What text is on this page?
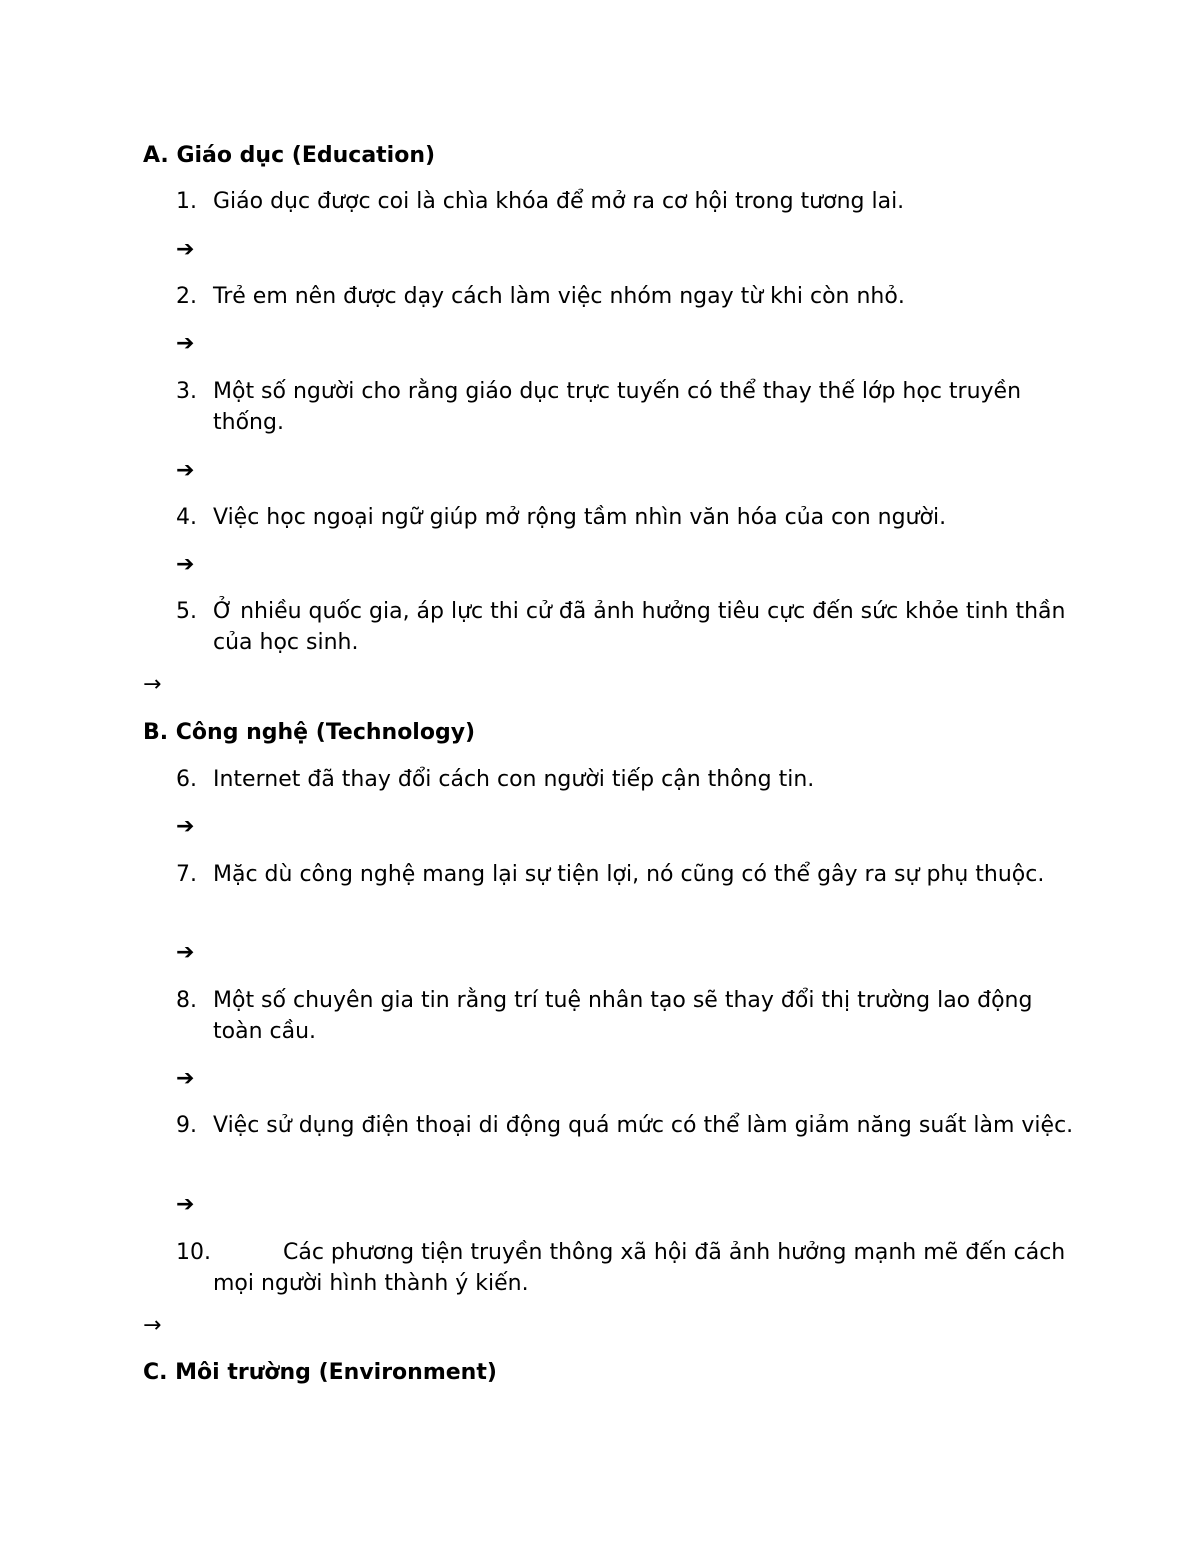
A. Giáo dục (Education)
1. Giáo dục được coi là chìa khóa để mở ra cơ hội trong tương lai.
➔
2. Trẻ em nên được dạy cách làm việc nhóm ngay từ khi còn nhỏ.
➔
3. Một số người cho rằng giáo dục trực tuyến có thể thay thế lớp học truyền thống.
➔
4. Việc học ngoại ngữ giúp mở rộng tầm nhìn văn hóa của con người.
➔
5. Ở nhiều quốc gia, áp lực thi cử đã ảnh hưởng tiêu cực đến sức khỏe tinh thần của học sinh.
→
B. Công nghệ (Technology)
6. Internet đã thay đổi cách con người tiếp cận thông tin.
➔
7. Mặc dù công nghệ mang lại sự tiện lợi, nó cũng có thể gây ra sự phụ thuộc.
➔
8. Một số chuyên gia tin rằng trí tuệ nhân tạo sẽ thay đổi thị trường lao động toàn cầu.
➔
9. Việc sử dụng điện thoại di động quá mức có thể làm giảm năng suất làm việc.
➔
10.	Các phương tiện truyền thông xã hội đã ảnh hưởng mạnh mẽ đến cách mọi người hình thành ý kiến.
→
C. Môi trường (Environment)
